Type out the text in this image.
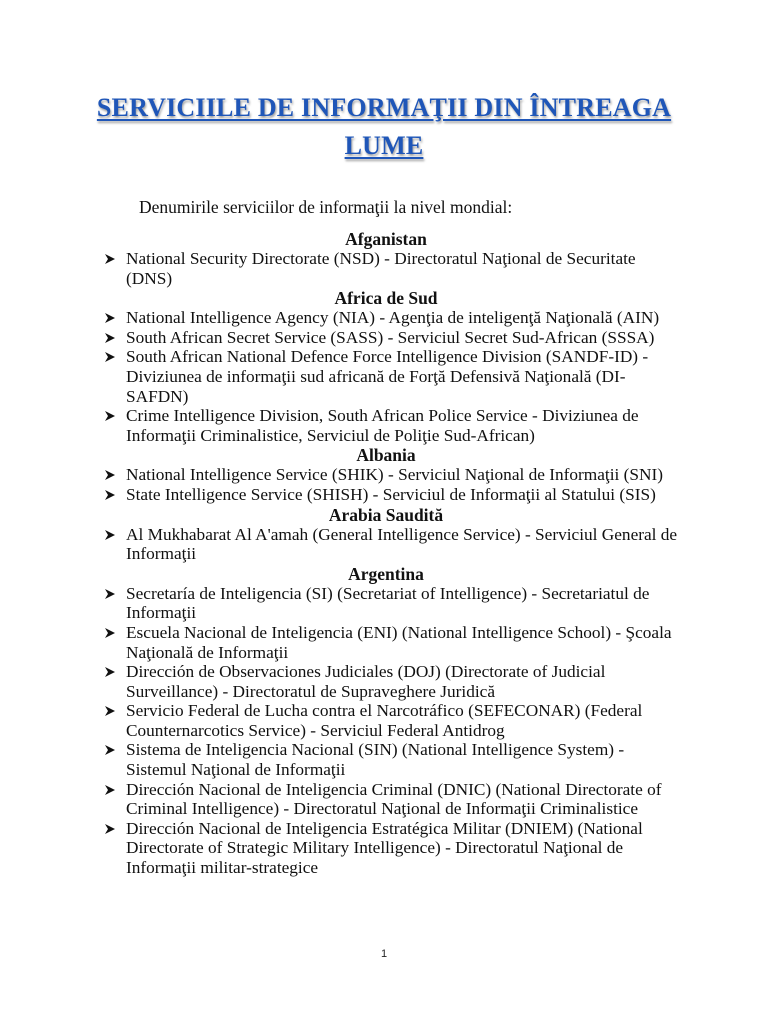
SERVICIILE DE INFORMAŢII DIN ÎNTREAGA
LUME
Denumirile serviciilor de informaţii la nivel mondial:
Afganistan
National Security Directorate (NSD) - Directoratul Naţional de Securitate (DNS)
Africa de Sud
National Intelligence Agency (NIA) - Agenţia de inteligenţă Naţională (AIN)
South African Secret Service (SASS) - Serviciul Secret Sud-African (SSSA)
South African National Defence Force Intelligence Division (SANDF-ID) - Diviziunea de informaţii sud africană de Forţă Defensivă Naţională (DI-SAFDN)
Crime Intelligence Division, South African Police Service - Diviziunea de Informaţii Criminalistice, Serviciul de Poliţie Sud-African)
Albania
National Intelligence Service (SHIK) - Serviciul Naţional de Informaţii (SNI)
State Intelligence Service (SHISH) - Serviciul de Informaţii al Statului (SIS)
Arabia Saudită
Al Mukhabarat Al A'amah (General Intelligence Service) - Serviciul General de Informaţii
Argentina
Secretaría de Inteligencia (SI) (Secretariat of Intelligence) - Secretariatul de Informaţii
Escuela Nacional de Inteligencia (ENI) (National Intelligence School) - Şcoala Naţională de Informaţii
Dirección de Observaciones Judiciales (DOJ) (Directorate of Judicial Surveillance) - Directoratul de Supraveghere Juridică
Servicio Federal de Lucha contra el Narcotráfico (SEFECONAR) (Federal Counternarcotics Service) - Serviciul Federal Antidrog
Sistema de Inteligencia Nacional (SIN) (National Intelligence System) - Sistemul Naţional de Informaţii
Dirección Nacional de Inteligencia Criminal (DNIC) (National Directorate of Criminal Intelligence) - Directoratul Naţional de Informaţii Criminalistice
Dirección Nacional de Inteligencia Estratégica Militar (DNIEM) (National Directorate of Strategic Military Intelligence) - Directoratul Naţional de Informaţii militar-strategice
1
